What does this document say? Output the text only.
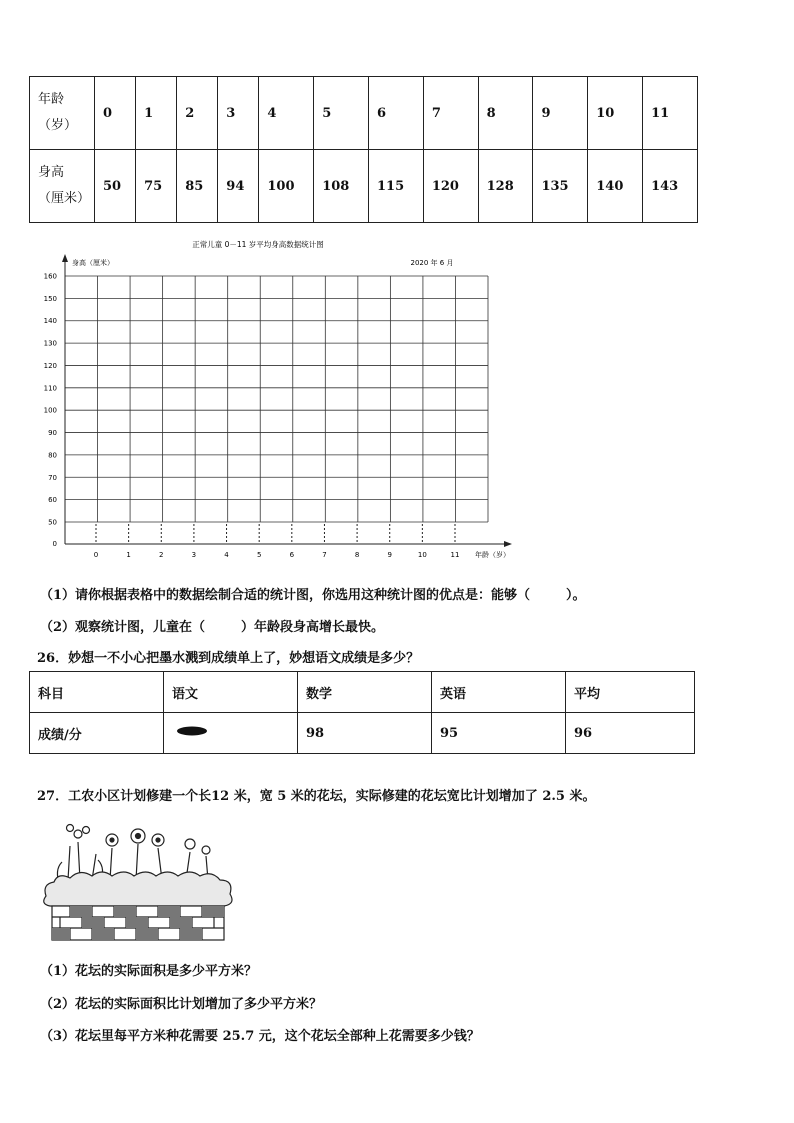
年龄
（岁）	0	1	2	3	4	5	6	7	8	9	10	11

身高
（厘米）	50	75	85	94	100	108	115	120	128	135	140	143
正常儿童 0－11 岁平均身高数据统计图
2020 年 6 月
身高（厘米）
年龄（岁）
0
50
60
70
80
90
100
110
120
130
140
150
160
0	1	2	3	4	5	6	7	8	9	10	11
（1）请你根据表格中的数据绘制合适的统计图，你选用这种统计图的优点是：能够（	）。
（2）观察统计图，儿童在（	）年龄段身高增长最快。
26．妙想一不小心把墨水溅到成绩单上了，妙想语文成绩是多少？
科目	语文	数学	英语	平均
成绩/分		98	95	96
27．工农小区计划修建一个长12 米，宽 5 米的花坛，实际修建的花坛宽比计划增加了 2.5 米。
（1）花坛的实际面积是多少平方米？
（2）花坛的实际面积比计划增加了多少平方米？
（3）花坛里每平方米种花需要 25.7 元，这个花坛全部种上花需要多少钱？
